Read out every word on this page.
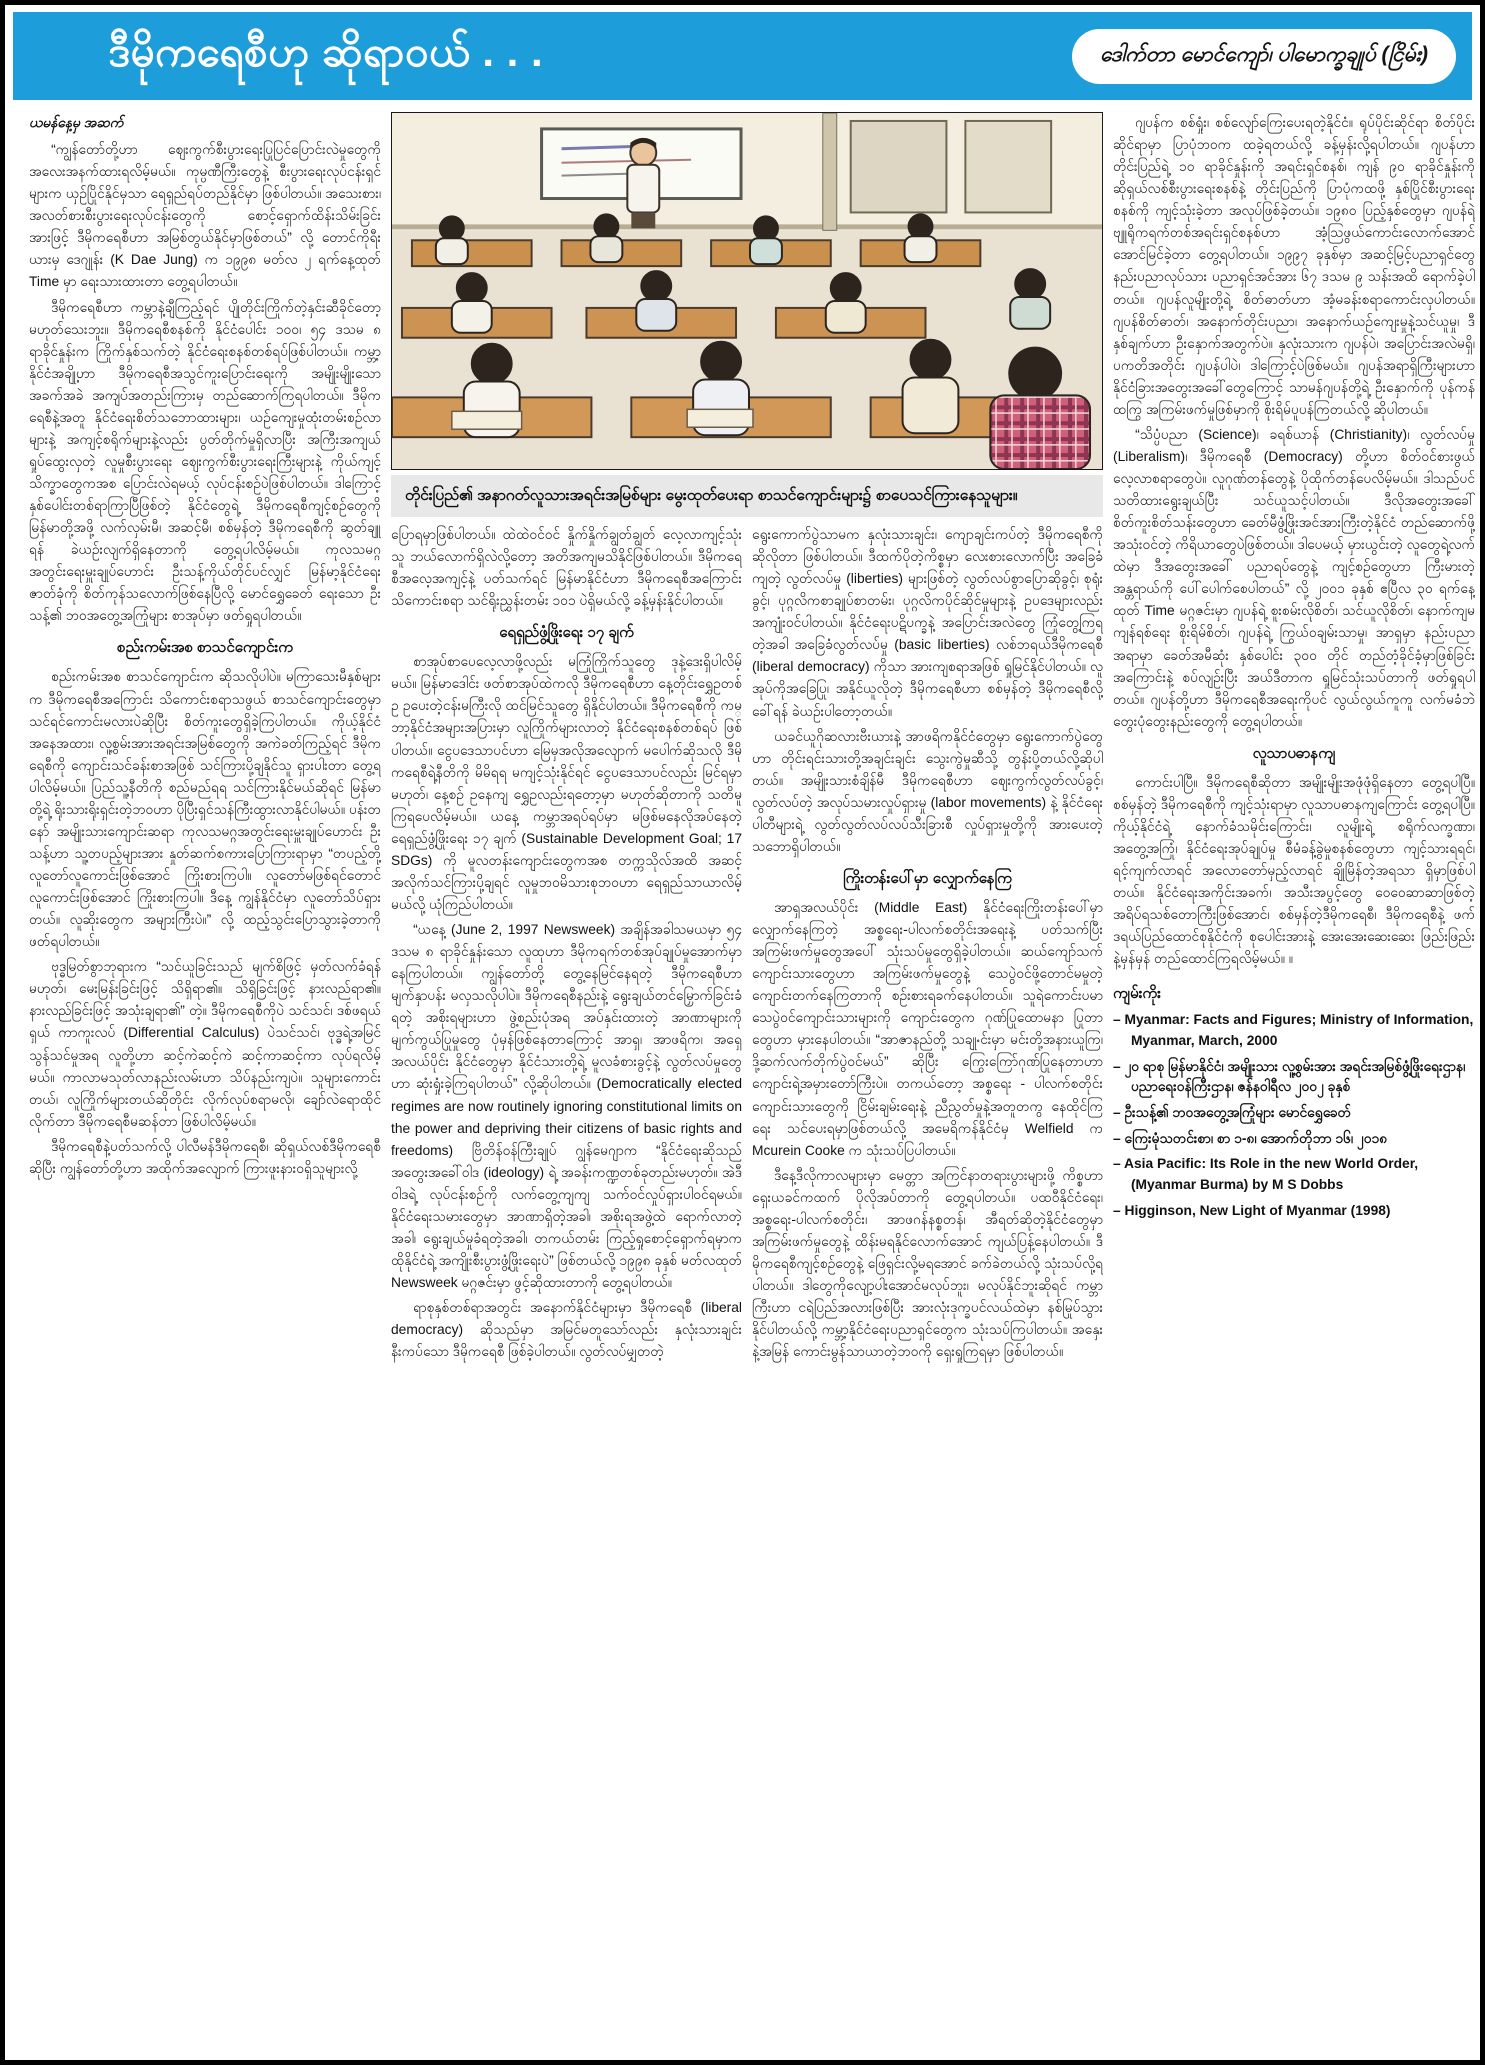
ဒီမိုကရေစီဟု ဆိုရာဝယ် . . .	ဒေါက်တာ မောင်ကျော်၊ ပါမောက္ခချုပ် (ငြိမ်း)
ယမန်နေ့မှ အဆက်
“ကျွန်တော်တို့ဟာ ဈေးကွက်စီးပွားရေးပြုပြင်ပြောင်းလဲမှုတွေကို အလေးအနက်ထားရလိမ့်မယ်။ ကုမ္ပဏီကြီးတွေနဲ့ စီးပွားရေးလုပ်ငန်းရှင်များက ယှဉ်ပြိုင်နိုင်မှသာ ရေရှည်ရပ်တည်နိုင်မှာ ဖြစ်ပါတယ်။ အသေးစား၊ အလတ်စားစီးပွားရေးလုပ်ငန်းတွေကို စောင့်ရှောက်ထိန်းသိမ်းခြင်းအားဖြင့် ဒီမိုကရေစီဟာ အမြစ်တွယ်နိုင်မှာဖြစ်တယ်” လို့ တောင်ကိုရီးယားမှ ဒေဂျုန်း (K Dae Jung) က ၁၉၉၈ မတ်လ ၂ ရက်နေ့ထုတ် Time မှာ ရေးသားထားတာ တွေ့ရပါတယ်။
ဒီမိုကရေစီဟာ ကမ္ဘာနဲ့ချီကြည့်ရင် ပျိုတိုင်းကြိုက်တဲ့နှင်းဆီခိုင်တော့ မဟုတ်သေးဘူး။ ဒီမိုကရေစီစနစ်ကို နိုင်ငံပေါင်း ၁၀၀၊ ၅၄ ဒသမ ၈ ရာခိုင်နှုန်းက ကြိုက်နှစ်သက်တဲ့ နိုင်ငံရေးစနစ်တစ်ရပ်ဖြစ်ပါတယ်။ ကမ္ဘာ့နိုင်ငံအချို့ဟာ ဒီမိုကရေစီအသွင်ကူးပြောင်းရေးကို အမျိုးမျိုးသော အခက်အခဲ အကျပ်အတည်းကြားမှ တည်ဆောက်ကြရပါတယ်။ ဒီမိုကရေစီနဲ့အတူ နိုင်ငံရေးစိတ်သဘောထားများ၊ ယဉ်ကျေးမှုထုံးတမ်းစဉ်လာများနဲ့ အကျင့်စရိုက်များနဲ့လည်း ပွတ်တိုက်မှုရှိလာပြီး အကြီးအကျယ်ရှုပ်ထွေးလှတဲ့ လူမှုစီးပွားရေး ဈေးကွက်စီးပွားရေးကြီးများနဲ့ ကိုယ်ကျင့်သိက္ခာတွေကအစ ပြောင်းလဲရမယ့် လုပ်ငန်းစဉ်ပဲဖြစ်ပါတယ်။ ဒါကြောင့် နှစ်ပေါင်းတစ်ရာကြာပြီဖြစ်တဲ့ နိုင်ငံတွေရဲ့ ဒီမိုကရေစီကျင့်စဉ်တွေကို မြန်မာတို့အဖို့ လက်လှမ်းမီ၊ အဆင့်မီ၊ စစ်မှန်တဲ့ ဒီမိုကရေစီကို ဆွတ်ချူရန် ခဲယဉ်းလျက်ရှိနေတာကို တွေ့ရပါလိမ့်မယ်။ ကုလသမဂ္ဂ အတွင်းရေးမှူးချုပ်ဟောင်း ဦးသန့်ကိုယ်တိုင်ပင်လျှင် မြန်မာ့နိုင်ငံရေး ဇာတ်ခုံကို စိတ်ကုန်သလောက်ဖြစ်နေပြီလို့ မောင်ရွှေခေတ် ရေးသော ဦးသန့်၏ ဘဝအတွေ့အကြုံများ စာအုပ်မှာ ဖတ်ရှုရပါတယ်။
စည်းကမ်းအစ စာသင်ကျောင်းက
စည်းကမ်းအစ စာသင်ကျောင်းက ဆိုသလိုပါပဲ။ မကြာသေးမီနှစ်များက ဒီမိုကရေစီအကြောင်း သိကောင်းစရာသဖွယ် စာသင်ကျောင်းတွေမှာ သင်ရင်ကောင်းမလားပဲဆိုပြီး စိတ်ကူးတွေရှိခဲ့ကြပါတယ်။ ကိုယ့်နိုင်ငံအနေအထား၊ လူ့စွမ်းအားအရင်းအမြစ်တွေကို အကဲခတ်ကြည့်ရင် ဒီမိုကရေစီကို ကျောင်းသင်ခန်းစာအဖြစ် သင်ကြားပို့ချနိုင်သူ ရှားပါးတာ တွေ့ရပါလိမ့်မယ်။ ပြည်သူ့နီတိကို စည်မည်ရရ သင်ကြားနိုင်မယ်ဆိုရင် မြန်မာတို့ရဲ့ ရိုးသားရိုးရှင်းတဲ့ဘဝဟာ ပိုပြီးရှင်သန်ကြီးထွားလာနိုင်ပါမယ်။ ပန်းတနော် အမျိုးသားကျောင်းဆရာ ကုလသမဂ္ဂအတွင်းရေးမှူးချုပ်ဟောင်း ဦးသန့်ဟာ သူ့တပည့်များအား နှုတ်ဆက်စကားပြောကြားရာမှာ “တပည့်တို့ လူတော်လူကောင်းဖြစ်အောင် ကြိုးစားကြပါ။ လူတော်မဖြစ်ရင်တောင် လူကောင်းဖြစ်အောင် ကြိုးစားကြပါ။ ဒီနေ့ ကျွန်နိုင်ငံမှာ လူတော်သိပ်ရှားတယ်။ လူဆိုးတွေက အများကြီးပဲ။” လို့ ထည့်သွင်းပြောသွားခဲ့တာကို ဖတ်ရပါတယ်။
ဗုဒ္ဓမြတ်စွာဘုရားက “သင်ယူခြင်းသည် မျက်စိဖြင့် မှတ်လက်ခံရန် မဟုတ်၊ မေးမြန်းခြင်းဖြင့် သိရှိရာ၏။ သိရှိခြင်းဖြင့် နားလည်ရာ၏။ နားလည်ခြင်းဖြင့် အသုံးချရာ၏” တဲ့။ ဒီမိုကရေစီကိုပဲ သင်သင်၊ ဒစ်ဖရယ်ရှယ် ကာကူးလပ် (Differential Calculus) ပဲသင်သင်၊ ဗုဒ္ဓရဲ့အမြင် သွန်သင်မှုအရ လူတို့ဟာ ဆင့်ကဲဆင့်ကဲ ဆင့်ကာဆင့်ကာ လုပ်ရလိမ့်မယ်။ ကာလာမသုတ်လာနည်းလမ်းဟာ သိပ်နည်းကျပဲ။ သူများကောင်းတယ်၊ လူကြိုက်များတယ်ဆိုတိုင်း လိုက်လုပ်စရာမလို၊ ချော်လဲရောထိုင်လိုက်တာ ဒီမိုကရေစီမဆန်တာ ဖြစ်ပါလိမ့်မယ်။
ဒီမိုကရေစီနဲ့ပတ်သက်လို့ ပါလီမန်ဒီမိုကရေစီ၊ ဆိုရှယ်လစ်ဒီမိုကရေစီဆိုပြီး ကျွန်တော်တို့ဟာ အထိုက်အလျောက် ကြားဖူးနားဝရှိသူများလို့
တိုင်းပြည်၏ အနာဂတ်လူသားအရင်းအမြစ်များ မွေးထုတ်ပေးရာ စာသင်ကျောင်းများ၌ စာပေသင်ကြားနေသူများ။
ပြောရမှာဖြစ်ပါတယ်။ ထဲထဲဝင်ဝင် နှိုက်နှိုက်ချွတ်ချွတ် လေ့လာကျင့်သုံးသူ ဘယ်လောက်ရှိလဲလို့တော့ အတိအကျမသိနိုင်ဖြစ်ပါတယ်။ ဒီမိုကရေစီအလေ့အကျင့်နဲ့ ပတ်သက်ရင် မြန်မာနိုင်ငံဟာ ဒီမိုကရေစီအကြောင်း သိကောင်းစရာ သင်ရိုးညွှန်းတမ်း ၁၀၁ ပဲရှိမယ်လို့ ခန့်မှန်းနိုင်ပါတယ်။
ရေရှည်ဖွံ့ဖြိုးရေး ၁၇ ချက်
စာအုပ်စာပေလေ့လာဖို့လည်း မကြုံကြိုက်သူတွေ ဒုနဲ့ဒေးရှိပါလိမ့်မယ်။ မြန်မာဒေါင်း ဖတ်စာအုပ်ထဲကလို ဒီမိုကရေစီဟာ နေ့တိုင်းရွှေဥတစ်ဥ ဥပေးတဲ့ငန်းမကြီးလို ထင်မြင်သူတွေ ရှိနိုင်ပါတယ်။ ဒီမိုကရေစီကို ကမ္ဘာ့နိုင်ငံအများအပြားမှာ လူကြိုက်များလာတဲ့ နိုင်ငံရေးစနစ်တစ်ရပ် ဖြစ်ပါတယ်။ ငွေပဒေသာပင်ဟာ မြေမှအလိုအလျောက် မပေါက်ဆိုသလို ဒီမိုကရေစီရဲ့နီတိကို မိမိရရ မကျင့်သုံးနိုင်ရင် ငွေပဒေသာပင်လည်း မြင်ရမှာမဟုတ်၊ နေ့စဉ် ဥနေကျ ရွှေဥလည်းရတော့မှာ မဟုတ်ဆိုတာကို သတိမူကြရပေလိမ့်မယ်။ ယနေ့ ကမ္ဘာအရပ်ရပ်မှာ မဖြစ်မနေလိုအပ်နေတဲ့ ရေရှည်ဖွံ့ဖြိုးရေး ၁၇ ချက် (Sustainable Development Goal; 17 SDGs) ကို မူလတန်းကျောင်းတွေကအစ တက္ကသိုလ်အထိ အဆင့်အလိုက်သင်ကြားပို့ချရင် လူမှုဘဝမိသားစုဘဝဟာ ရေရှည်သာယာလိမ့်မယ်လို့ ယုံကြည်ပါတယ်။
“ယနေ့ (June 2, 1997 Newsweek) အချိန်အခါသမယမှာ ၅၄ ဒသမ ၈ ရာခိုင်နှုန်းသော လူထုဟာ ဒီမိုကရက်တစ်အုပ်ချုပ်မှုအောက်မှာ နေကြပါတယ်။ ကျွန်တော်တို့ တွေ့နေမြင်နေရတဲ့ ဒီမိုကရေစီဟာ မျက်နှာပန်း မလှသလိုပါပဲ။ ဒီမိုကရေစီနည်းနဲ့ ရွေးချယ်တင်မြှောက်ခြင်းခံရတဲ့ အစိုးရများဟာ ဖွဲ့စည်းပုံအရ အပ်နှင်းထားတဲ့ အာဏာများကို မျက်ကွယ်ပြုမှုတွေ ပုံမှန်ဖြစ်နေတာကြောင့် အာရှ၊ အာဖရိက၊ အရှေ့အလယ်ပိုင်း နိုင်ငံတွေမှာ နိုင်ငံသားတို့ရဲ့ မူလခံစားခွင့်နဲ့ လွတ်လပ်မှုတွေဟာ ဆုံးရှုံးခဲ့ကြရပါတယ်” လို့ဆိုပါတယ်။ (Democratically elected regimes are now routinely ignoring constitutional limits on the power and depriving their citizens of basic rights and freedoms) ဗြိတိန်ဝန်ကြီးချုပ် ဂျွန်မေဂျာက “နိုင်ငံရေးဆိုသည် အတွေးအခေါ်ဝါဒ (ideology) ရဲ့ အခန်းကဏ္ဍတစ်ခုတည်းမဟုတ်။ အဲဒီဝါဒရဲ့ လုပ်ငန်းစဉ်ကို လက်တွေ့ကျကျ သက်ဝင်လှုပ်ရှားပါဝင်ရမယ်။ နိုင်ငံရေးသမားတွေမှာ အာဏာရှိတဲ့အခါ၊ အစိုးရအဖွဲ့ထဲ ရောက်လာတဲ့အခါ၊ ရွေးချယ်မှုခံရတဲ့အခါ၊ တကယ်တမ်း ကြည့်ရှုစောင့်ရှောက်ရမှာက ထိုနိုင်ငံရဲ့ အကျိုးစီးပွားဖွံ့ဖြိုးရေးပဲ” ဖြစ်တယ်လို့ ၁၉၉၈ ခုနှစ် မတ်လထုတ် Newsweek မဂ္ဂဇင်းမှာ ဖွင့်ဆိုထားတာကို တွေ့ရပါတယ်။
ရာစုနှစ်တစ်ရာအတွင်း အနောက်နိုင်ငံများမှာ ဒီမိုကရေစီ (liberal democracy) ဆိုသည်မှာ အမြင်မတူသော်လည်း နှလုံးသားချင်း နီးကပ်သော ဒီမိုကရေစီ ဖြစ်ခဲ့ပါတယ်။ လွတ်လပ်မျှတတဲ့
ရွေးကောက်ပွဲသာမက နှလုံးသားချင်း၊ ကျောချင်းကပ်တဲ့ ဒီမိုကရေစီကိုဆိုလိုတာ ဖြစ်ပါတယ်။ ဒီထက်ပိုတဲ့ကိစ္စမှာ လေးစားလောက်ပြီး အခြေခံကျတဲ့ လွတ်လပ်မှု (liberties) များဖြစ်တဲ့ လွတ်လပ်စွာပြောဆိုခွင့်၊ စုရုံးခွင့်၊ ပုဂ္ဂလိကစာချုပ်စာတမ်း၊ ပုဂ္ဂလိကပိုင်ဆိုင်မှုများနဲ့ ဥပဒေများလည်း အကျုံးဝင်ပါတယ်။ နိုင်ငံရေးပဋိပက္ခနဲ့ အပြောင်းအလဲတွေ ကြုံတွေ့ကြရတဲ့အခါ အခြေခံလွတ်လပ်မှု (basic liberties) လစ်ဘရယ်ဒီမိုကရေစီ (liberal democracy) ကိုသာ အားကျစရာအဖြစ် ရှုမြင်နိုင်ပါတယ်။ လူအုပ်ကိုအခြေပြု၊ အနိုင်ယူလိုတဲ့ ဒီမိုကရေစီဟာ စစ်မှန်တဲ့ ဒီမိုကရေစီလို့ခေါ်ရန် ခဲယဉ်းပါတော့တယ်။
ယခင်ယူဂိုဆလားဗီးယားနဲ့ အာဖရိကနိုင်ငံတွေမှာ ရွေးကောက်ပွဲတွေဟာ တိုင်းရင်းသားတို့အချင်းချင်း သွေးကွဲမှုဆီသို့ တွန်းပို့တယ်လို့ဆိုပါတယ်။ အမျိုးသားစံချိန်မီ ဒီမိုကရေစီဟာ ဈေးကွက်လွတ်လပ်ခွင့်၊ လွတ်လပ်တဲ့ အလုပ်သမားလှုပ်ရှားမှု (labor movements) နဲ့ နိုင်ငံရေးပါတီများရဲ့ လွတ်လွတ်လပ်လပ်သီးခြားစီ လှုပ်ရှားမှုတို့ကို အားပေးတဲ့သဘောရှိပါတယ်။
ကြိုးတန်းပေါ်မှာ လျှောက်နေကြ
အာရှအလယ်ပိုင်း (Middle East) နိုင်ငံရေးကြိုးတန်းပေါ်မှာ လျှောက်နေကြတဲ့ အစ္စရေး-ပါလက်စတိုင်းအရေးနဲ့ ပတ်သက်ပြီး အကြမ်းဖက်မှုတွေအပေါ် သုံးသပ်မှုတွေရှိခဲ့ပါတယ်။ ဆယ်ကျော်သက် ကျောင်းသားတွေဟာ အကြမ်းဖက်မှုတွေနဲ့ သေပွဲဝင်ဖို့တောင်မမှုတဲ့ ကျောင်းတက်နေကြတာကို စဉ်းစားရခက်နေပါတယ်။ သူရဲကောင်းပမာ သေပွဲဝင်ကျောင်းသားများကို ကျောင်းတွေက ဂုဏ်ပြုထောမနာ ပြုတာတွေဟာ မှားနေပါတယ်။ “အာဇာနည်တို့ သချုႋင်းမှာ မင်းတို့အနားယူကြ၊ ဒို့ဆက်လက်တိုက်ပွဲဝင်မယ်” ဆိုပြီး ကြွေးကြော်ဂုဏ်ပြုနေတာဟာ ကျောင်းရဲ့အမှားတော်ကြီးပဲ။ တကယ်တော့ အစ္စရေး - ပါလက်စတိုင်း ကျောင်းသားတွေကို ငြိမ်းချမ်းရေးနဲ့ ညီညွတ်မှုနဲ့အတူတကွ နေထိုင်ကြရေး သင်ပေးရမှာဖြစ်တယ်လို့ အမေရိကန်နိုင်ငံမှ Welfield က Mcurein Cooke က သုံးသပ်ပြပါတယ်။
ဒီနေ့ဒီလိုကာလများမှာ မေတ္တာ အကြင်နာတရားပွားများဖို့ ကိစ္စဟာ ရှေးယခင်ကထက် ပိုလိုအပ်တာကို တွေ့ရပါတယ်။ ပထဝီနိုင်ငံရေး၊ အစ္စရေး-ပါလက်စတိုင်း၊ အာဖဂန်နစ္စတန်၊ အီရတ်ဆိုတဲ့နိုင်ငံတွေမှာ အကြမ်းဖက်မှုတွေနဲ့ ထိန်းမရနိုင်လောက်အောင် ကျယ်ပြန့်နေပါတယ်။ ဒီမိုကရေစီကျင့်စဉ်တွေနဲ့ ဖြေရှင်းလို့မရအောင် ခက်ခဲတယ်လို့ သုံးသပ်လို့ရပါတယ်။ ဒါတွေကိုလျော့ပါးအောင်မလုပ်ဘူး၊ မလုပ်နိုင်ဘူးဆိုရင် ကမ္ဘာကြီးဟာ ငရဲပြည်အလားဖြစ်ပြီး အားလုံးဒုက္ခပင်လယ်ထဲမှာ နစ်မြုပ်သွားနိုင်ပါတယ်လို့ ကမ္ဘာ့နိုင်ငံရေးပညာရှင်တွေက သုံးသပ်ကြပါတယ်။ အနှေးနဲ့အမြန် ကောင်းမွန်သာယာတဲ့ဘဝကို ရှေးရှုကြရမှာ ဖြစ်ပါတယ်။
ဂျပန်က စစ်ရှုံး၊ စစ်လျော်ကြေးပေးရတဲ့နိုင်ငံ။ ရုပ်ပိုင်းဆိုင်ရာ စိတ်ပိုင်းဆိုင်ရာမှာ ပြာပုံဘဝက ထခဲ့ရတယ်လို့ ခန့်မှန်းလို့ရပါတယ်။ ဂျပန်ဟာ တိုင်းပြည်ရဲ့ ၁၀ ရာခိုင်နှုန်းကို အရင်းရှင်စနစ်၊ ကျန် ၉၀ ရာခိုင်နှုန်းကို ဆိုရှယ်လစ်စီးပွားရေးစနစ်နဲ့ တိုင်းပြည်ကို ပြာပုံကထဖို့ နှစ်ပြိုင်စီးပွားရေးစနစ်ကို ကျင့်သုံးခဲ့တာ အလုပ်ဖြစ်ခဲ့တယ်။ ၁၉၈၀ ပြည့်နှစ်တွေမှာ ဂျပန်ရဲ့ ဗျူရိုကရက်တစ်အရင်းရှင်စနစ်ဟာ အံ့သြဖွယ်ကောင်းလောက်အောင် အောင်မြင်ခဲ့တာ တွေ့ရပါတယ်။ ၁၉၉၇ ခုနှစ်မှာ အဆင့်မြင့်ပညာရှင်တွေ နည်းပညာလုပ်သား ပညာရှင်အင်အား ၆၇ ဒသမ ၉ သန်းအထိ ရောက်ခဲ့ပါတယ်။ ဂျပန်လူမျိုးတို့ရဲ့ စိတ်ဓာတ်ဟာ အံ့မခန်းစရာကောင်းလှပါတယ်။ ဂျပန်စိတ်ဓာတ်၊ အနောက်တိုင်းပညာ၊ အနောက်ယဉ်ကျေးမှုနဲ့သင်ယူမှု၊ ဒီနှစ်ချက်ဟာ ဦးနှောက်အတွက်ပဲ။ နှလုံးသားက ဂျပန်ပဲ၊ အပြောင်းအလဲမရှိ၊ ပကတိအတိုင်း ဂျပန်ပါပဲ၊ ဒါကြောင့်ပဲဖြစ်မယ်။ ဂျပန်အရာရှိကြီးများဟာ နိုင်ငံခြားအတွေးအခေါ်တွေကြောင့် သာမန်ဂျပန်တို့ရဲ့ ဦးနှောက်ကို ပုန်ကန်ထကြွ အကြမ်းဖက်မှုဖြစ်မှာကို စိုးရိမ်ပူပန်ကြတယ်လို့ ဆိုပါတယ်။
“သိပ္ပံပညာ (Science)၊ ခရစ်ယာန် (Christianity)၊ လွတ်လပ်မှု (Liberalism)၊ ဒီမိုကရေစီ (Democracy) တို့ဟာ စိတ်ဝင်စားဖွယ် လေ့လာစရာတွေပဲ။ လူဂုဏ်တန်တွေနဲ့ ပိုထိုက်တန်ပေလိမ့်မယ်။ ဒါသည်ပင် သတိထားရွေးချယ်ပြီး သင်ယူသင့်ပါတယ်။ ဒီလိုအတွေးအခေါ် စိတ်ကူးစိတ်သန်းတွေဟာ ခေတ်မီဖွံ့ဖြိုးအင်အားကြီးတဲ့နိုင်ငံ တည်ဆောက်ဖို့ အသုံးဝင်တဲ့ ကိရိယာတွေပဲဖြစ်တယ်။ ဒါပေမယ့် မှားယွင်းတဲ့ လူတွေရဲ့လက်ထဲမှာ ဒီအတွေးအခေါ် ပညာရပ်တွေနဲ့ ကျင့်စဉ်တွေဟာ ကြီးမားတဲ့ အန္တရာယ်ကို ပေါ်ပေါက်စေပါတယ်” လို့ ၂၀၀၁ ခုနှစ် ဧပြီလ ၃၀ ရက်နေ့ထုတ် Time မဂ္ဂဇင်းမှာ ဂျပန်ရဲ့ စူးစမ်းလိုစိတ်၊ သင်ယူလိုစိတ်၊ နောက်ကျမကျန်ရစ်ရေး စိုးရိမ်စိတ်၊ ဂျပန်ရဲ့ ကြွယ်ဝချမ်းသာမှု၊ အာရှမှာ နည်းပညာအရာမှာ ခေတ်အမီဆုံး နှစ်ပေါင်း ၃၀၀ တိုင် တည်တံ့ခိုင်ခံ့မှာဖြစ်ခြင်းအကြောင်းနဲ့ စပ်လျဉ်းပြီး အယ်ဒီတာက ရှုမြင်သုံးသပ်တာကို ဖတ်ရှုရပါတယ်။ ဂျပန်တို့ဟာ ဒီမိုကရေစီအရေးကိုပင် လွယ်လွယ်ကူကူ လက်မခံဘဲ တွေးပုံတွေးနည်းတွေကို တွေ့ရပါတယ်။
လူသာပဓာနကျ
ကောင်းပါပြီ။ ဒီမိုကရေစီဆိုတာ အမျိုးမျိုးအဖုံဖုံရှိနေတာ တွေ့ရပါပြီ။ စစ်မှန်တဲ့ ဒီမိုကရေစီကို ကျင့်သုံးရာမှာ လူသာပဓာနကျကြောင်း တွေ့ရပါပြီ။ ကိုယ့်နိုင်ငံရဲ့ နောက်ခံသမိုင်းကြောင်း၊ လူမျိုးရဲ့ စရိုက်လက္ခဏာ၊ အတွေ့အကြုံ၊ နိုင်ငံရေးအုပ်ချုပ်မှု စီမံခန့်ခွဲမှုစနစ်တွေဟာ ကျင့်သားရရင်၊ ရင့်ကျက်လာရင် အလောတော်မှည့်လာရင် ချိုမြိန်တဲ့အရသာ ရှိမှာဖြစ်ပါတယ်။ နိုင်ငံရေးအကိုင်းအခက်၊ အသီးအပွင့်တွေ ဝေဝေဆာဆာဖြစ်တဲ့ အရိပ်ရသစ်တောကြီးဖြစ်အောင်၊ စစ်မှန်တဲ့ဒီမိုကရေစီ၊ ဒီမိုကရေစီနဲ့ ဖက်ဒရယ်ပြည်ထောင်စုနိုင်ငံကို စုပေါင်းအားနဲ့ အေးအေးဆေးဆေး ဖြည်းဖြည်းနဲ့မှန်မှန် တည်ထောင်ကြရလိမ့်မယ်။ ။
ကျမ်းကိုး
– Myanmar: Facts and Figures; Ministry of Information, Myanmar, March, 2000
– ၂၀ ရာစု မြန်မာနိုင်ငံ၊ အမျိုးသား လူ့စွမ်းအား အရင်းအမြစ်ဖွံ့ဖြိုးရေးဌာန၊ ပညာရေးဝန်ကြီးဌာန၊ ဇန်နဝါရီလ ၂၀၀၂ ခုနှစ်
– ဦးသန့်၏ ဘဝအတွေ့အကြုံများ မောင်ရွှေခေတ်
– ကြေးမုံသတင်းစာ၊ စာ ၁-၈၊ အောက်တိုဘာ ၁၆၊ ၂၀၁၈
– Asia Pacific: Its Role in the new World Order, (Myanmar Burma) by M S Dobbs
– Higginson, New Light of Myanmar (1998)
